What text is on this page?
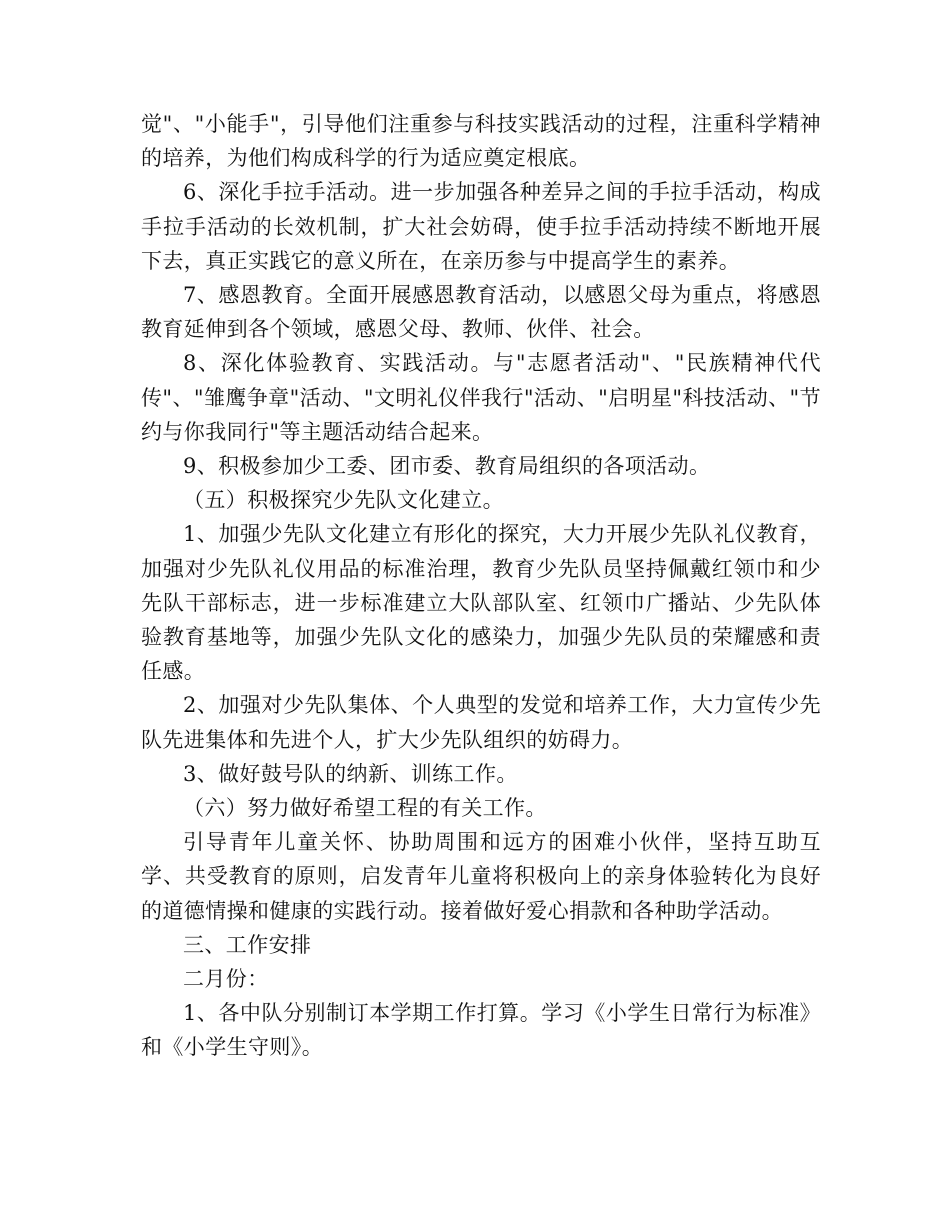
觉"、"小能手"，引导他们注重参与科技实践活动的过程，注重科学精神的培养，为他们构成科学的行为适应奠定根底。

6、深化手拉手活动。进一步加强各种差异之间的手拉手活动，构成手拉手活动的长效机制，扩大社会妨碍，使手拉手活动持续不断地开展下去，真正实践它的意义所在，在亲历参与中提高学生的素养。

7、感恩教育。全面开展感恩教育活动，以感恩父母为重点，将感恩教育延伸到各个领域，感恩父母、教师、伙伴、社会。

8、深化体验教育、实践活动。与"志愿者活动"、"民族精神代代传"、"雏鹰争章"活动、"文明礼仪伴我行"活动、"启明星"科技活动、"节约与你我同行"等主题活动结合起来。

9、积极参加少工委、团市委、教育局组织的各项活动。

（五）积极探究少先队文化建立。

1、加强少先队文化建立有形化的探究，大力开展少先队礼仪教育，加强对少先队礼仪用品的标准治理，教育少先队员坚持佩戴红领巾和少先队干部标志，进一步标准建立大队部队室、红领巾广播站、少先队体验教育基地等，加强少先队文化的感染力，加强少先队员的荣耀感和责任感。

2、加强对少先队集体、个人典型的发觉和培养工作，大力宣传少先队先进集体和先进个人，扩大少先队组织的妨碍力。

3、做好鼓号队的纳新、训练工作。

（六）努力做好希望工程的有关工作。

引导青年儿童关怀、协助周围和远方的困难小伙伴，坚持互助互学、共受教育的原则，启发青年儿童将积极向上的亲身体验转化为良好的道德情操和健康的实践行动。接着做好爱心捐款和各种助学活动。

三、工作安排

二月份：

1、各中队分别制订本学期工作打算。学习《小学生日常行为标准》和《小学生守则》。
